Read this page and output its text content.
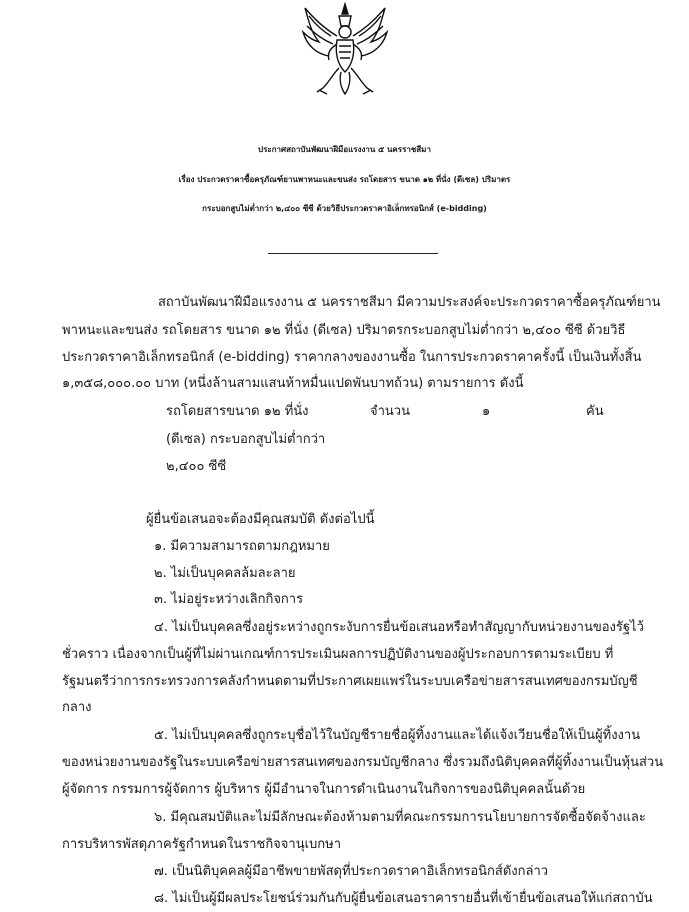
ประกาศสถาบันพัฒนาฝีมือแรงงาน ๕ นครราชสีมา
เรื่อง ประกวดราคาซื้อครุภัณฑ์ยานพาหนะและขนส่ง รถโดยสาร ขนาด ๑๒ ที่นั่ง (ดีเซล) ปริมาตร
กระบอกสูบไม่ต่ำกว่า ๒,๔๐๐ ซีซี ด้วยวิธีประกวดราคาอิเล็กทรอนิกส์ (e-bidding)
สถาบันพัฒนาฝีมือแรงงาน ๕ นครราชสีมา มีความประสงค์จะประกวดราคาซื้อครุภัณฑ์ยาน
พาหนะและขนส่ง รถโดยสาร ขนาด ๑๒ ที่นั่ง (ดีเซล) ปริมาตรกระบอกสูบไม่ต่ำกว่า ๒,๔๐๐ ซีซี ด้วยวิธี
ประกวดราคาอิเล็กทรอนิกส์ (e-bidding) ราคากลางของงานซื้อ ในการประกวดราคาครั้งนี้ เป็นเงินทั้งสิ้น
๑,๓๕๘,๐๐๐.๐๐ บาท (หนึ่งล้านสามแสนห้าหมื่นแปดพันบาทถ้วน) ตามรายการ ดังนี้
รถโดยสารขนาด ๑๒ ที่นั่ง	จำนวน	๑	คัน
(ดีเซล) กระบอกสูบไม่ต่ำกว่า
๒,๔๐๐ ซีซี
ผู้ยื่นข้อเสนอจะต้องมีคุณสมบัติ ดังต่อไปนี้
๑. มีความสามารถตามกฎหมาย
๒. ไม่เป็นบุคคลล้มละลาย
๓. ไม่อยู่ระหว่างเลิกกิจการ
๔. ไม่เป็นบุคคลซึ่งอยู่ระหว่างถูกระงับการยื่นข้อเสนอหรือทำสัญญากับหน่วยงานของรัฐไว้
ชั่วคราว เนื่องจากเป็นผู้ที่ไม่ผ่านเกณฑ์การประเมินผลการปฏิบัติงานของผู้ประกอบการตามระเบียบ ที่
รัฐมนตรีว่าการกระทรวงการคลังกำหนดตามที่ประกาศเผยแพร่ในระบบเครือข่ายสารสนเทศของกรมบัญชี
กลาง
๕. ไม่เป็นบุคคลซึ่งถูกระบุชื่อไว้ในบัญชีรายชื่อผู้ทิ้งงานและได้แจ้งเวียนชื่อให้เป็นผู้ทิ้งงาน
ของหน่วยงานของรัฐในระบบเครือข่ายสารสนเทศของกรมบัญชีกลาง ซึ่งรวมถึงนิติบุคคลที่ผู้ทิ้งงานเป็นหุ้นส่วน
ผู้จัดการ กรรมการผู้จัดการ ผู้บริหาร ผู้มีอำนาจในการดำเนินงานในกิจการของนิติบุคคลนั้นด้วย
๖. มีคุณสมบัติและไม่มีลักษณะต้องห้ามตามที่คณะกรรมการนโยบายการจัดซื้อจัดจ้างและ
การบริหารพัสดุภาครัฐกำหนดในราชกิจจานุเบกษา
๗. เป็นนิติบุคคลผู้มีอาชีพขายพัสดุที่ประกวดราคาอิเล็กทรอนิกส์ดังกล่าว
๘. ไม่เป็นผู้มีผลประโยชน์ร่วมกันกับผู้ยื่นข้อเสนอราคารายอื่นที่เข้ายื่นข้อเสนอให้แก่สถาบัน
